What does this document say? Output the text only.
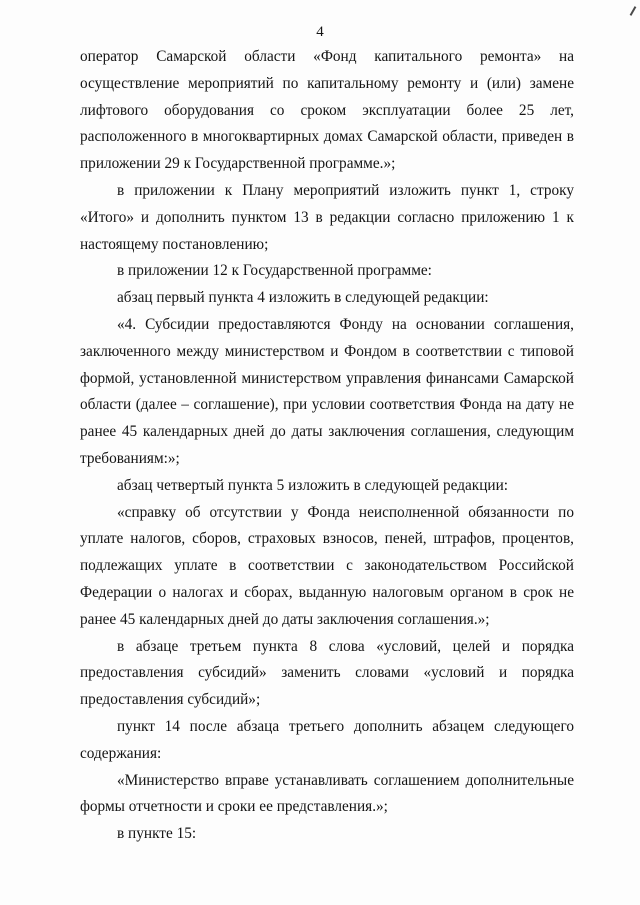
4

оператор Самарской области «Фонд капитального ремонта» на осуществление мероприятий по капитальному ремонту и (или) замене лифтового оборудования со сроком эксплуатации более 25 лет, расположенного в многоквартирных домах Самарской области, приведен в приложении 29 к Государственной программе.»;

в приложении к Плану мероприятий изложить пункт 1, строку «Итого» и дополнить пунктом 13 в редакции согласно приложению 1 к настоящему постановлению;

в приложении 12 к Государственной программе:

абзац первый пункта 4 изложить в следующей редакции:

«4. Субсидии предоставляются Фонду на основании соглашения, заключенного между министерством и Фондом в соответствии с типовой формой, установленной министерством управления финансами Самарской области (далее – соглашение), при условии соответствия Фонда на дату не ранее 45 календарных дней до даты заключения соглашения, следующим требованиям:»;

абзац четвертый пункта 5 изложить в следующей редакции:

«справку об отсутствии у Фонда неисполненной обязанности по уплате налогов, сборов, страховых взносов, пеней, штрафов, процентов, подлежащих уплате в соответствии с законодательством Российской Федерации о налогах и сборах, выданную налоговым органом в срок не ранее 45 календарных дней до даты заключения соглашения.»;

в абзаце третьем пункта 8 слова «условий, целей и порядка предоставления субсидий» заменить словами «условий и порядка предоставления субсидий»;

пункт 14 после абзаца третьего дополнить абзацем следующего содержания:

«Министерство вправе устанавливать соглашением дополнительные формы отчетности и сроки ее представления.»;

в пункте 15:
